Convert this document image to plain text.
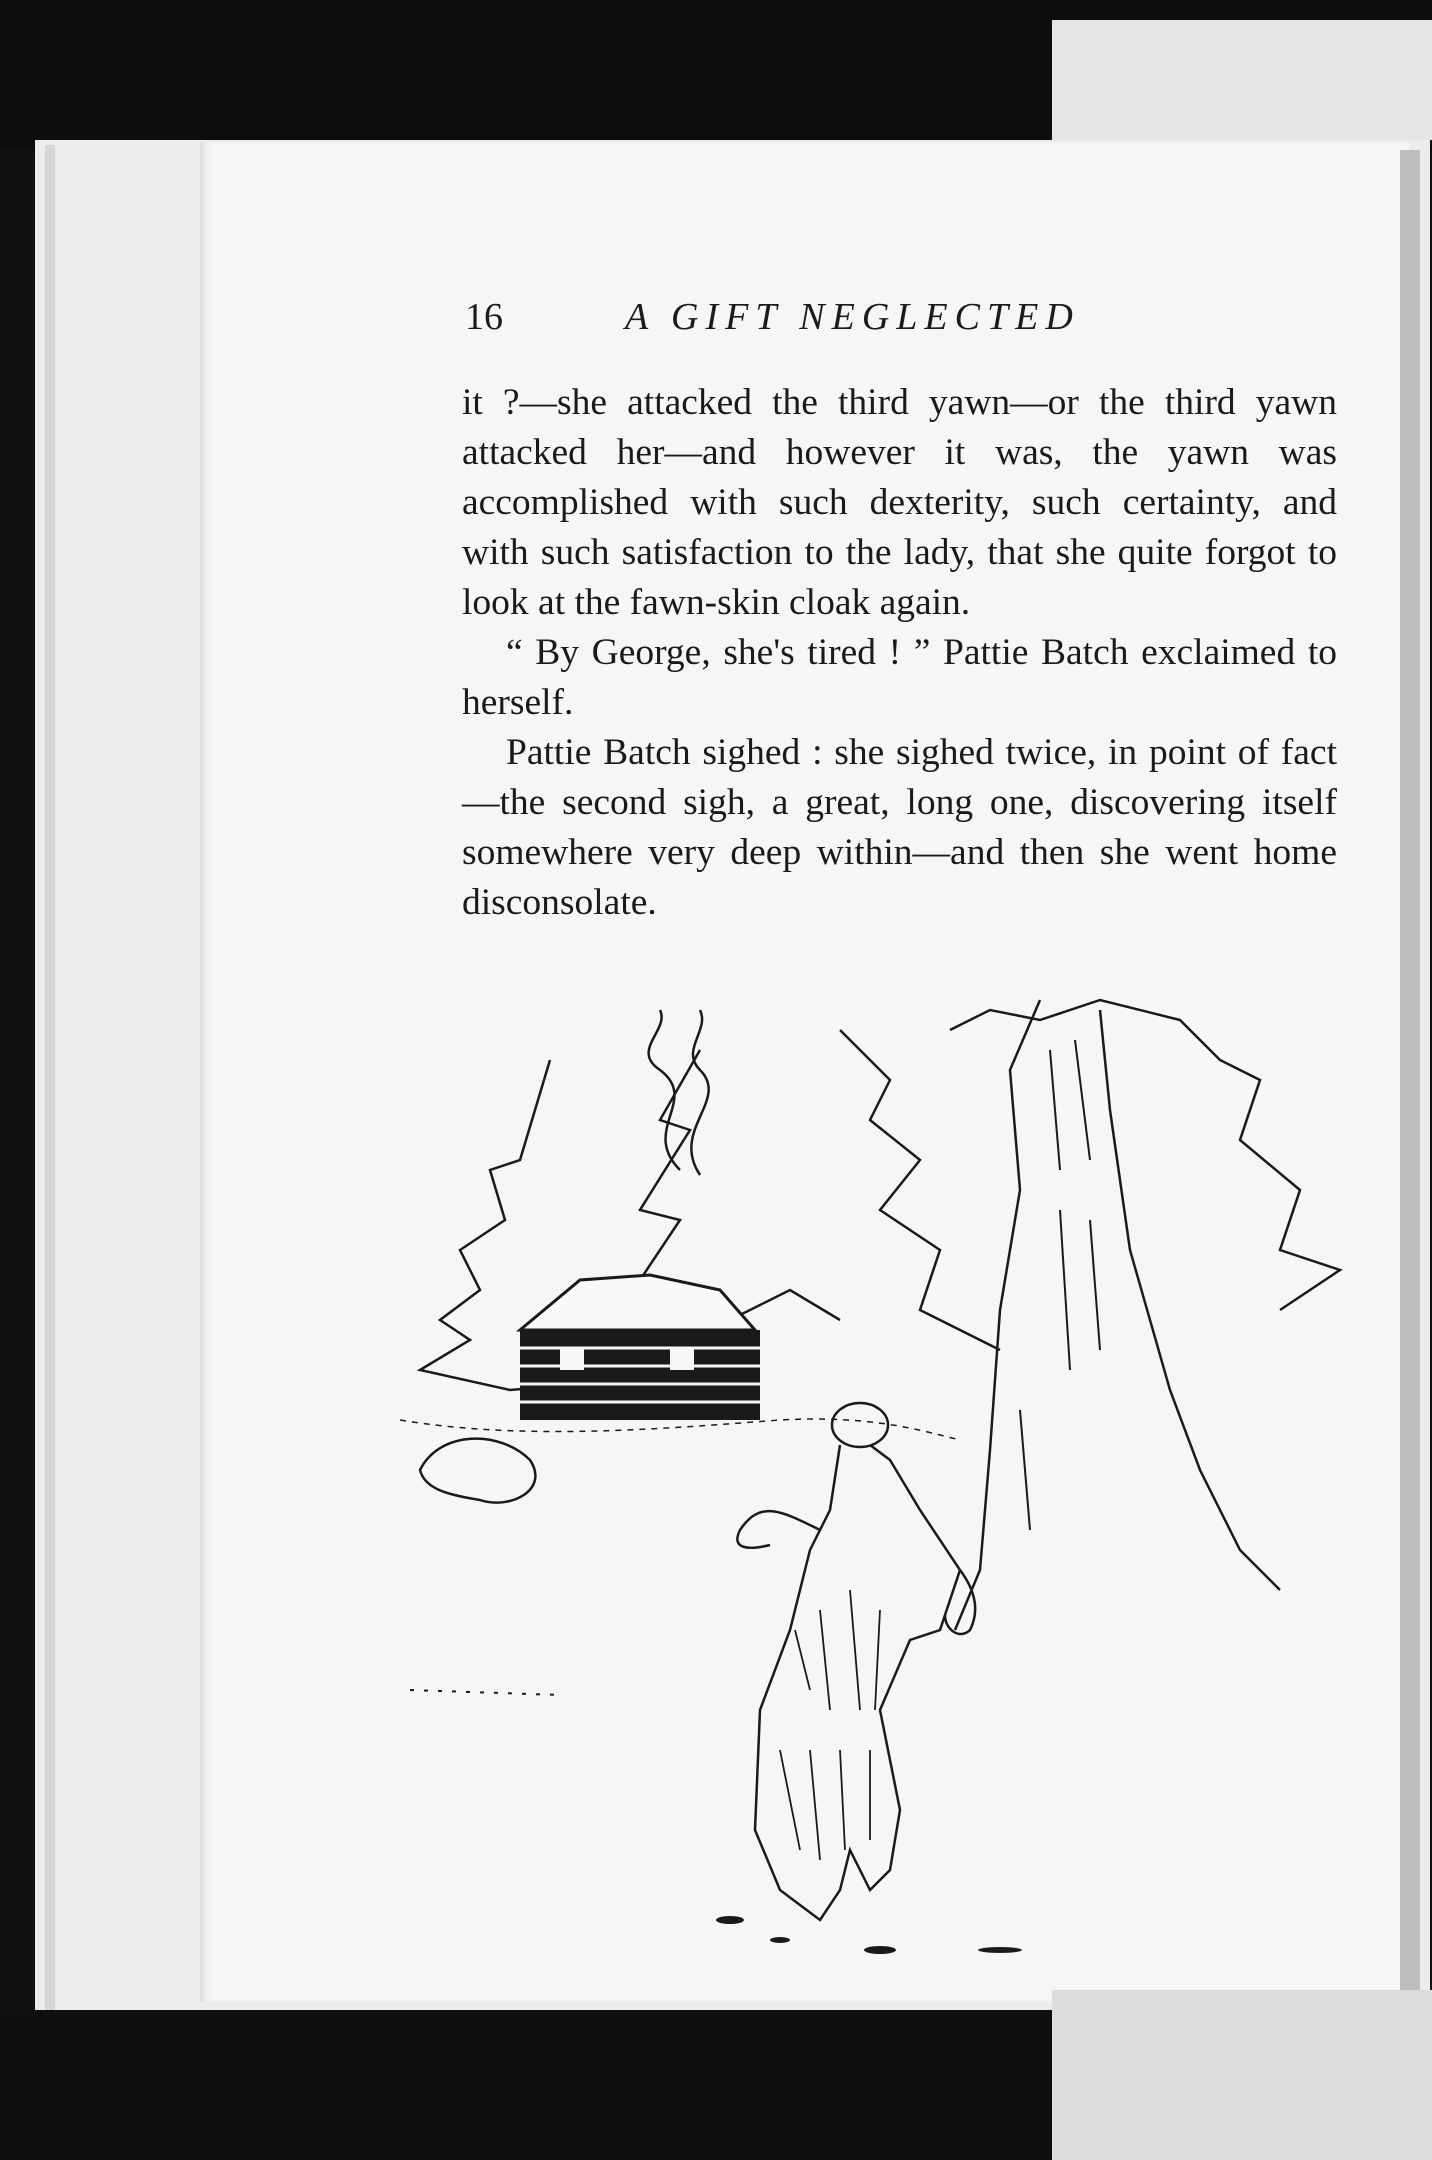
16	A GIFT NEGLECTED

it ?—she attacked the third yawn—or the third yawn attacked her—and however it was, the yawn was accomplished with such dexterity, such certainty, and with such satisfaction to the lady, that she quite forgot to look at the fawn-skin cloak again.

“ By George, she's tired ! ” Pattie Batch exclaimed to herself.

Pattie Batch sighed : she sighed twice, in point of fact—the second sigh, a great, long one, discovering itself somewhere very deep within—and then she went home disconsolate.
